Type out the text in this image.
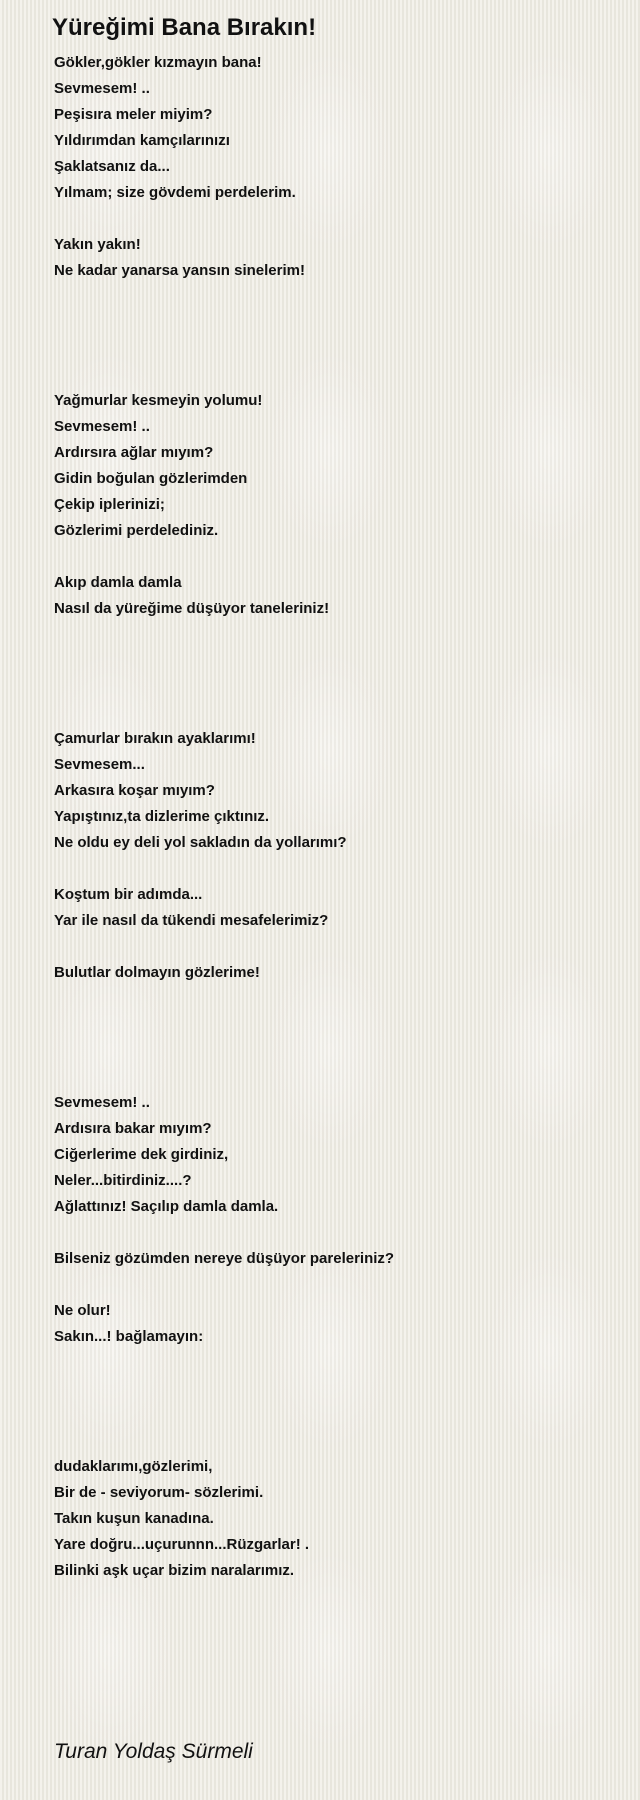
Yüreğimi Bana Bırakın!
Gökler,gökler kızmayın bana!
Sevmesem! ..
Peşisıra meler miyim?
Yıldırımdan kamçılarınızı
Şaklatsanız da...
Yılmam; size gövdemi perdelerim.
Yakın yakın!
Ne kadar yanarsa yansın sinelerim!
Yağmurlar kesmeyin yolumu!
Sevmesem! ..
Ardırsıra ağlar mıyım?
Gidin boğulan gözlerimden
Çekip iplerinizi;
Gözlerimi perdelediniz.
Akıp damla damla
Nasıl da yüreğime düşüyor taneleriniz!
Çamurlar bırakın ayaklarımı!
Sevmesem...
Arkasıra koşar mıyım?
Yapıştınız,ta dizlerime çıktınız.
Ne oldu ey deli yol sakladın da yollarımı?
Koştum bir adımda...
Yar ile nasıl da tükendi mesafelerimiz?
Bulutlar dolmayın gözlerime!
Sevmesem! ..
Ardısıra bakar mıyım?
Ciğerlerime dek girdiniz,
Neler...bitirdiniz....?
Ağlattınız! Saçılıp damla damla.
Bilseniz gözümden nereye düşüyor pareleriniz?
Ne olur!
Sakın...! bağlamayın:
dudaklarımı,gözlerimi,
Bir de - seviyorum- sözlerimi.
Takın kuşun kanadına.
Yare doğru...uçurunnn...Rüzgarlar! .
Bilinki aşk uçar bizim naralarımız.
Turan Yoldaş Sürmeli
